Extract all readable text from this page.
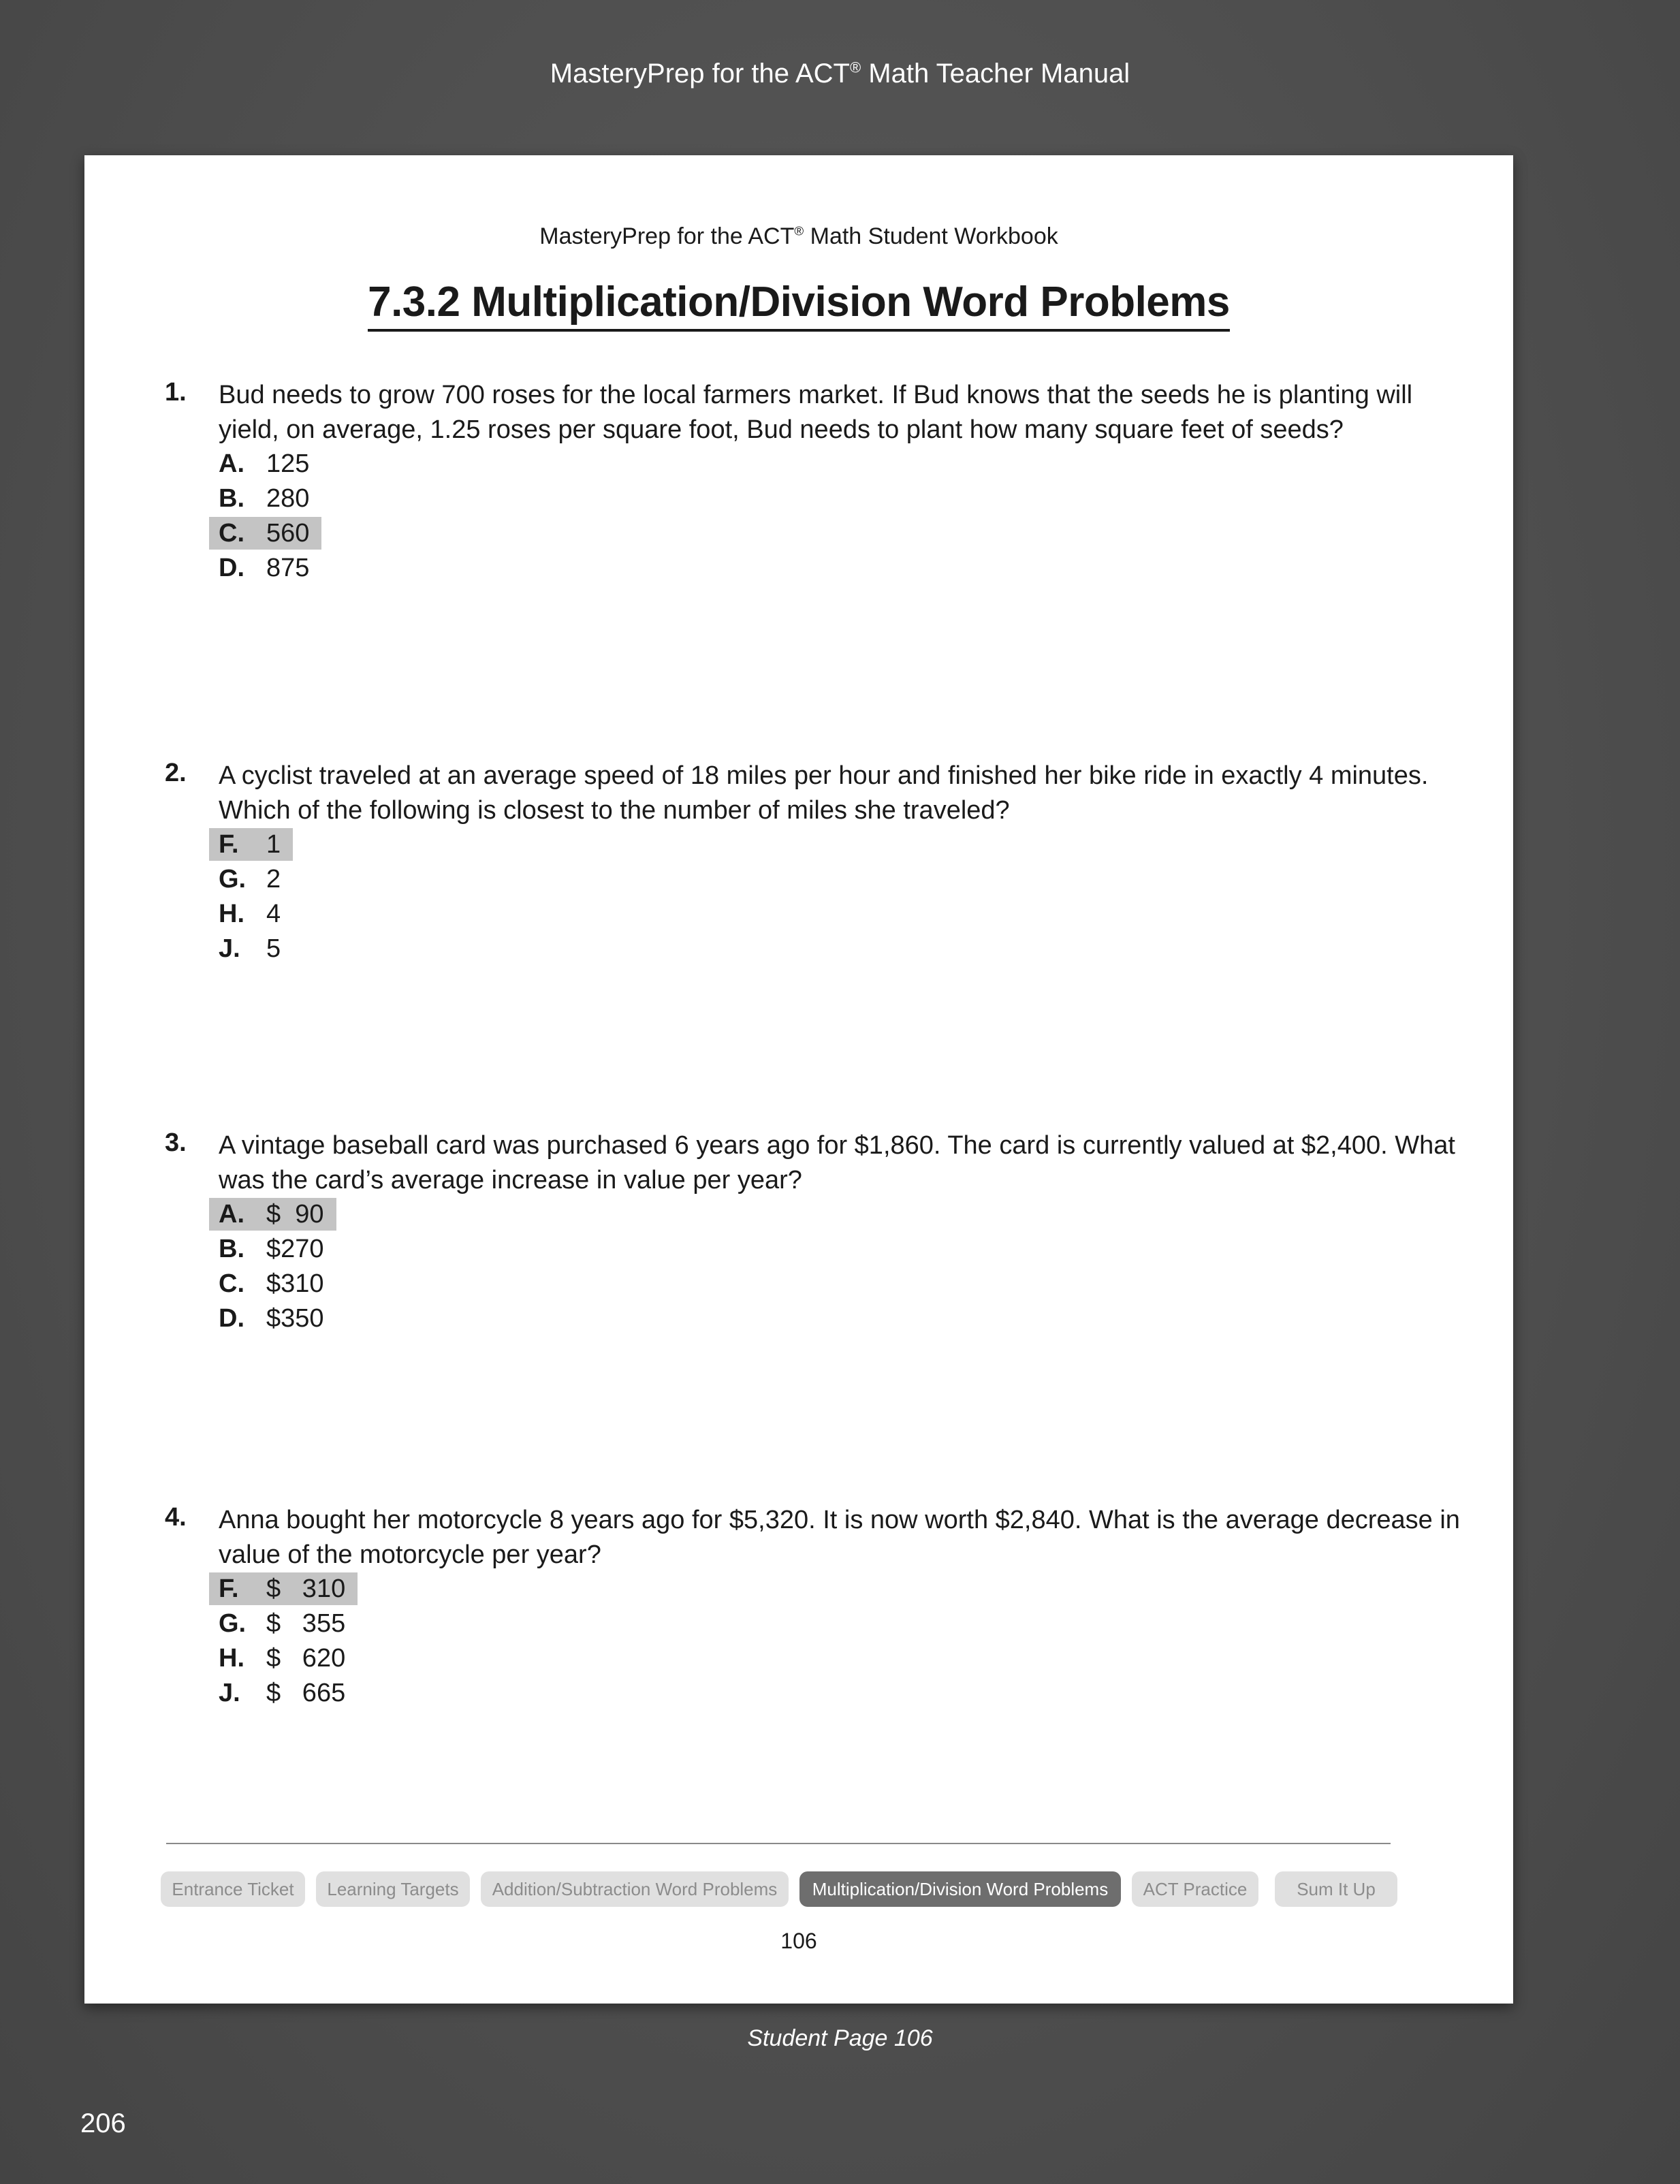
MasteryPrep for the ACT® Math Teacher Manual
MasteryPrep for the ACT® Math Student Workbook
7.3.2 Multiplication/Division Word Problems
1. Bud needs to grow 700 roses for the local farmers market. If Bud knows that the seeds he is planting will yield, on average, 1.25 roses per square foot, Bud needs to plant how many square feet of seeds?
A. 125
B. 280
C. 560
D. 875
2. A cyclist traveled at an average speed of 18 miles per hour and finished her bike ride in exactly 4 minutes. Which of the following is closest to the number of miles she traveled?
F.	1
G. 2
H. 4
J.	5
3. A vintage baseball card was purchased 6 years ago for $1,860. The card is currently valued at $2,400. What was the card’s average increase in value per year?
A. $  90
B. $270
C. $310
D. $350
4. Anna bought her motorcycle 8 years ago for $5,320. It is now worth $2,840. What is the average decrease in value of the motorcycle per year?
F.	$   310
G. $   355
H. $   620
J.	$   665
Entrance Ticket	Learning Targets	Addition/Subtraction Word Problems	Multiplication/Division Word Problems	ACT Practice	Sum It Up
106
Student Page 106
206
